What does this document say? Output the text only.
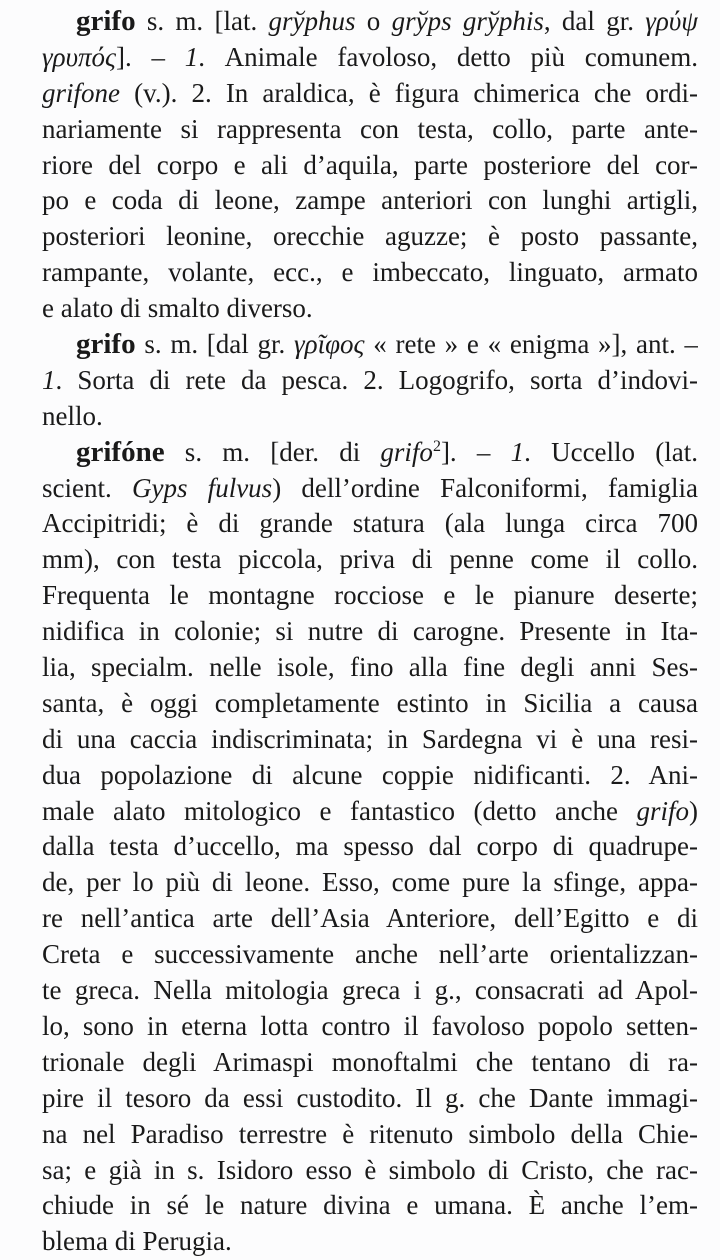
grifo s. m. [lat. grўphus o grўps grўphis, dal gr. γρύψ
γρυπός]. – 1. Animale favoloso, detto più comunem.
grifone (v.). 2. In araldica, è figura chimerica che ordi-
nariamente si rappresenta con testa, collo, parte ante-
riore del corpo e ali d’aquila, parte posteriore del cor-
po e coda di leone, zampe anteriori con lunghi artigli,
posteriori leonine, orecchie aguzze; è posto passante,
rampante, volante, ecc., e imbeccato, linguato, armato
e alato di smalto diverso.
grifo s. m. [dal gr. γρῖφος « rete » e « enigma »], ant. –
1. Sorta di rete da pesca. 2. Logogrifo, sorta d’indovi-
nello.
grifóne s. m. [der. di grifo$^2$]. – 1. Uccello (lat.
scient. Gyps fulvus) dell’ordine Falconiformi, famiglia
Accipitridi; è di grande statura (ala lunga circa 700
mm), con testa piccola, priva di penne come il collo.
Frequenta le montagne rocciose e le pianure deserte;
nidifica in colonie; si nutre di carogne. Presente in Ita-
lia, specialm. nelle isole, fino alla fine degli anni Ses-
santa, è oggi completamente estinto in Sicilia a causa
di una caccia indiscriminata; in Sardegna vi è una resi-
dua popolazione di alcune coppie nidificanti. 2. Ani-
male alato mitologico e fantastico (detto anche grifo)
dalla testa d’uccello, ma spesso dal corpo di quadrupe-
de, per lo più di leone. Esso, come pure la sfinge, appa-
re nell’antica arte dell’Asia Anteriore, dell’Egitto e di
Creta e successivamente anche nell’arte orientalizzan-
te greca. Nella mitologia greca i g., consacrati ad Apol-
lo, sono in eterna lotta contro il favoloso popolo setten-
trionale degli Arimaspi monoftalmi che tentano di ra-
pire il tesoro da essi custodito. Il g. che Dante immagi-
na nel Paradiso terrestre è ritenuto simbolo della Chie-
sa; e già in s. Isidoro esso è simbolo di Cristo, che rac-
chiude in sé le nature divina e umana. È anche l’em-
blema di Perugia.
